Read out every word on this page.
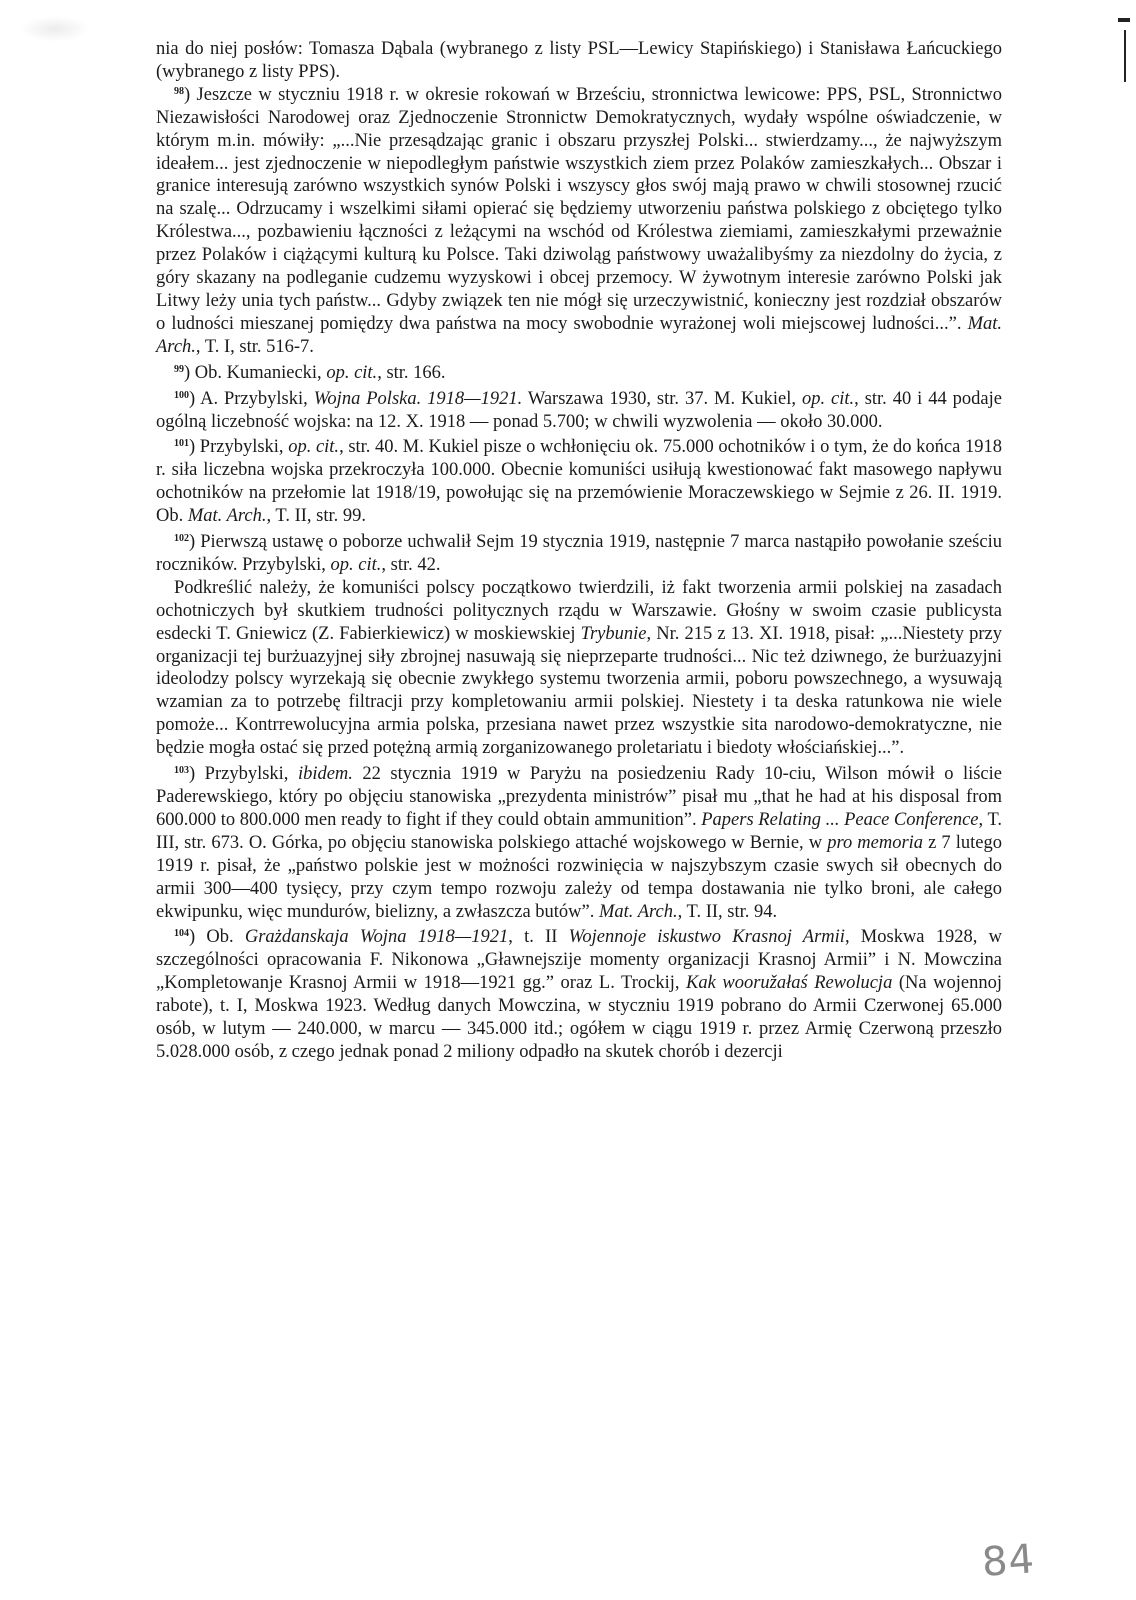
nia do niej posłów: Tomasza Dąbala (wybranego z listy PSL—Lewicy Stapińskiego) i Stanisława Łańcuckiego (wybranego z listy PPS).

$^{98}$) Jeszcze w styczniu 1918 r. w okresie rokowań w Brześciu, stronnictwa lewicowe: PPS, PSL, Stronnictwo Niezawisłości Narodowej oraz Zjednoczenie Stronnictw Demokratycznych, wydały wspólne oświadczenie, w którym m.in. mówiły: „...Nie przesądzając granic i obszaru przyszłej Polski... stwierdzamy..., że najwyższym ideałem... jest zjednoczenie w niepodległym państwie wszystkich ziem przez Polaków zamieszkałych... Obszar i granice interesują zarówno wszystkich synów Polski i wszyscy głos swój mają prawo w chwili stosownej rzucić na szalę... Odrzucamy i wszelkimi siłami opierać się będziemy utworzeniu państwa polskiego z obciętego tylko Królestwa..., pozbawieniu łączności z leżącymi na wschód od Królestwa ziemiami, zamieszkałymi przeważnie przez Polaków i ciążącymi kulturą ku Polsce. Taki dziwoląg państwowy uważalibyśmy za niezdolny do życia, z góry skazany na podleganie cudzemu wyzyskowi i obcej przemocy. W żywotnym interesie zarówno Polski jak Litwy leży unia tych państw... Gdyby związek ten nie mógł się urzeczywistnić, konieczny jest rozdział obszarów o ludności mieszanej pomiędzy dwa państwa na mocy swobodnie wyrażonej woli miejscowej ludności...”. Mat. Arch., T. I, str. 516-7.

$^{99}$) Ob. Kumaniecki, op. cit., str. 166.

$^{100}$) A. Przybylski, Wojna Polska. 1918—1921. Warszawa 1930, str. 37. M. Kukiel, op. cit., str. 40 i 44 podaje ogólną liczebność wojska: na 12. X. 1918 — ponad 5.700; w chwili wyzwolenia — około 30.000.

$^{101}$) Przybylski, op. cit., str. 40. M. Kukiel pisze o wchłonięciu ok. 75.000 ochotników i o tym, że do końca 1918 r. siła liczebna wojska przekroczyła 100.000. Obecnie komuniści usiłują kwestionować fakt masowego napływu ochotników na przełomie lat 1918/19, powołując się na przemówienie Moraczewskiego w Sejmie z 26. II. 1919. Ob. Mat. Arch., T. II, str. 99.

$^{102}$) Pierwszą ustawę o poborze uchwalił Sejm 19 stycznia 1919, następnie 7 marca nastąpiło powołanie sześciu roczników. Przybylski, op. cit., str. 42.

Podkreślić należy, że komuniści polscy początkowo twierdzili, iż fakt tworzenia armii polskiej na zasadach ochotniczych był skutkiem trudności politycznych rządu w Warszawie. Głośny w swoim czasie publicysta esdecki T. Gniewicz (Z. Fabierkiewicz) w moskiewskiej Trybunie, Nr. 215 z 13. XI. 1918, pisał: „...Niestety przy organizacji tej burżuazyjnej siły zbrojnej nasuwają się nieprzeparte trudności... Nic też dziwnego, że burżuazyjni ideolodzy polscy wyrzekają się obecnie zwykłego systemu tworzenia armii, poboru powszechnego, a wysuwają wzamian za to potrzebę filtracji przy kompletowaniu armii polskiej. Niestety i ta deska ratunkowa nie wiele pomoże... Kontrrewolucyjna armia polska, przesiana nawet przez wszystkie sita narodowo-demokratyczne, nie będzie mogła ostać się przed potężną armią zorganizowanego proletariatu i biedoty włościańskiej...”.

$^{103}$) Przybylski, ibidem. 22 stycznia 1919 w Paryżu na posiedzeniu Rady 10-ciu, Wilson mówił o liście Paderewskiego, który po objęciu stanowiska „prezydenta ministrów” pisał mu „that he had at his disposal from 600.000 to 800.000 men ready to fight if they could obtain ammunition”. Papers Relating ... Peace Conference, T. III, str. 673. O. Górka, po objęciu stanowiska polskiego attaché wojskowego w Bernie, w pro memoria z 7 lutego 1919 r. pisał, że „państwo polskie jest w możności rozwinięcia w najszybszym czasie swych sił obecnych do armii 300—400 tysięcy, przy czym tempo rozwoju zależy od tempa dostawania nie tylko broni, ale całego ekwipunku, więc mundurów, bielizny, a zwłaszcza butów”. Mat. Arch., T. II, str. 94.

$^{104}$) Ob. Grażdanskaja Wojna 1918—1921, t. II Wojennoje iskustwo Krasnoj Armii, Moskwa 1928, w szczególności opracowania F. Nikonowa „Gławnejszije momenty organizacji Krasnoj Armii” i N. Mowczina „Kompletowanje Krasnoj Armii w 1918—1921 gg.” oraz L. Trockij, Kak wooružałaś Rewolucja (Na wojennoj rabote), t. I, Moskwa 1923. Według danych Mowczina, w styczniu 1919 pobrano do Armii Czerwonej 65.000 osób, w lutym — 240.000, w marcu — 345.000 itd.; ogółem w ciągu 1919 r. przez Armię Czerwoną przeszło 5.028.000 osób, z czego jednak ponad 2 miliony odpadło na skutek chorób i dezercji

84
